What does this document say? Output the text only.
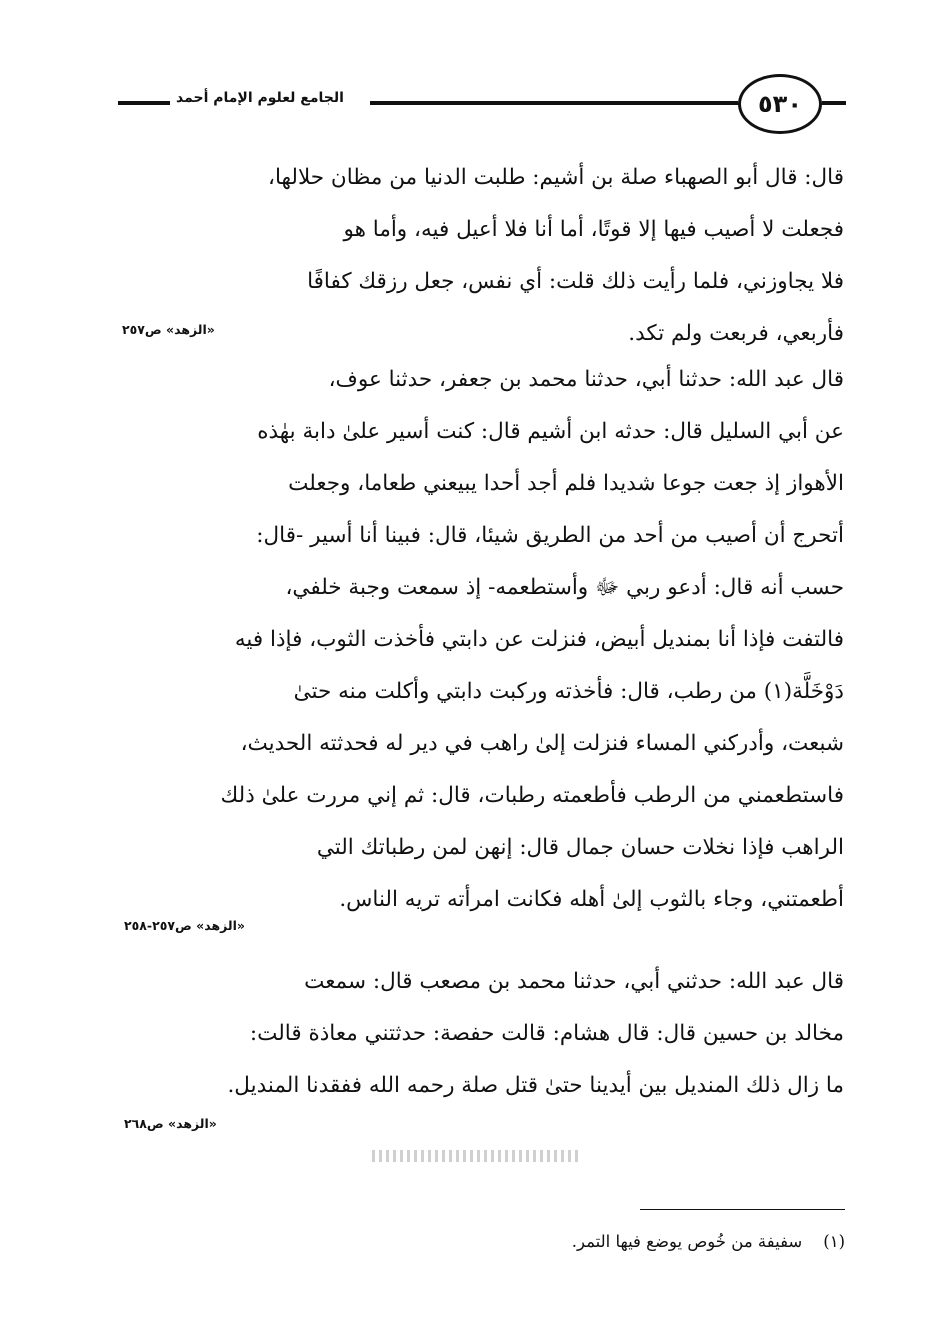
الجامع لعلوم الإمام أحمد	٥٣٠
قال: قال أبو الصهباء صلة بن أشيم: طلبت الدنيا من مظان حلالها،
فجعلت لا أصيب فيها إلا قوتًا، أما أنا فلا أعيل فيه، وأما هو
فلا يجاوزني، فلما رأيت ذلك قلت: أي نفس، جعل رزقك كفافًا
فأربعي، فربعت ولم تكد.
«الزهد» ص٢٥٧
قال عبد الله: حدثنا أبي، حدثنا محمد بن جعفر، حدثنا عوف،
عن أبي السليل قال: حدثه ابن أشيم قال: كنت أسير علىٰ دابة بهٰذه
الأهواز إذ جعت جوعا شديدا فلم أجد أحدا يبيعني طعاما، وجعلت
أتحرج أن أصيب من أحد من الطريق شيئا، قال: فبينا أنا أسير -قال:
حسب أنه قال: أدعو ربي ﷻ وأستطعمه- إذ سمعت وجبة خلفي،
فالتفت فإذا أنا بمنديل أبيض، فنزلت عن دابتي فأخذت الثوب، فإذا فيه
دَوْخَلَّة(١) من رطب، قال: فأخذته وركبت دابتي وأكلت منه حتىٰ
شبعت، وأدركني المساء فنزلت إلىٰ راهب في دير له فحدثته الحديث،
فاستطعمني من الرطب فأطعمته رطبات، قال: ثم إني مررت علىٰ ذلك
الراهب فإذا نخلات حسان جمال قال: إنهن لمن رطباتك التي
أطعمتني، وجاء بالثوب إلىٰ أهله فكانت امرأته تريه الناس.
«الزهد» ص٢٥٧-٢٥٨
قال عبد الله: حدثني أبي، حدثنا محمد بن مصعب قال: سمعت
مخالد بن حسين قال: قال هشام: قالت حفصة: حدثتني معاذة قالت:
ما زال ذلك المنديل بين أيدينا حتىٰ قتل صلة رحمه الله ففقدنا المنديل.
«الزهد» ص٢٦٨
(١)    سفيفة من خُوص يوضع فيها التمر.
